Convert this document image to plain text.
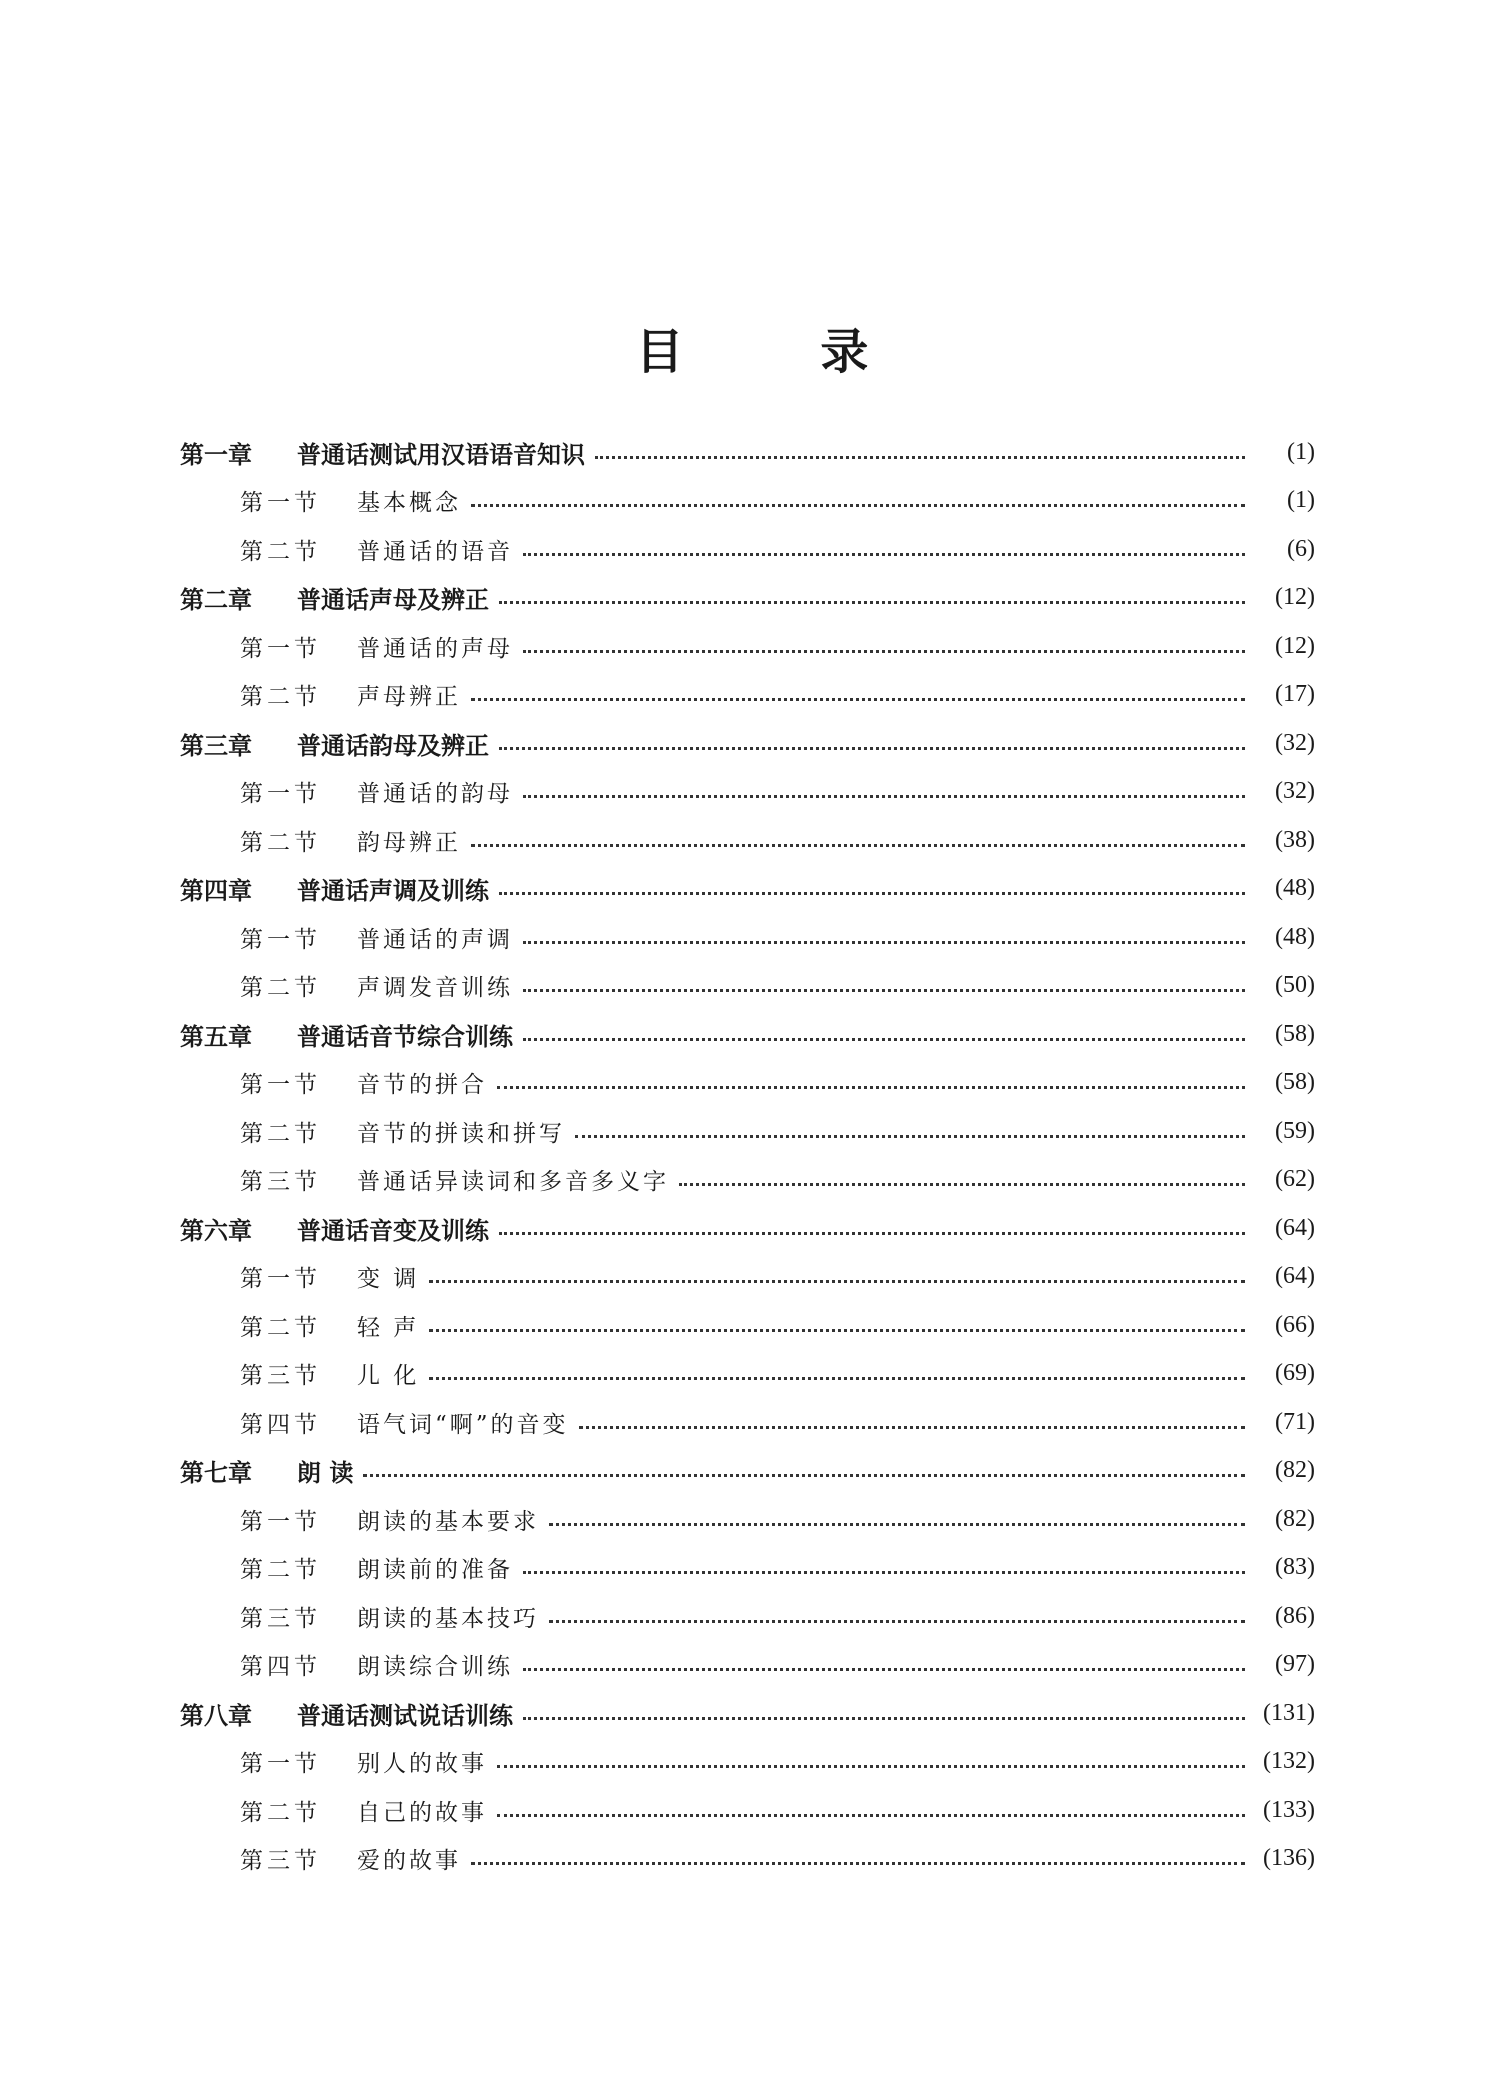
目 录
第一章	普通话测试用汉语语音知识	(1)
第一节	基本概念	(1)
第二节	普通话的语音	(6)
第二章	普通话声母及辨正	(12)
第一节	普通话的声母	(12)
第二节	声母辨正	(17)
第三章	普通话韵母及辨正	(32)
第一节	普通话的韵母	(32)
第二节	韵母辨正	(38)
第四章	普通话声调及训练	(48)
第一节	普通话的声调	(48)
第二节	声调发音训练	(50)
第五章	普通话音节综合训练	(58)
第一节	音节的拼合	(58)
第二节	音节的拼读和拼写	(59)
第三节	普通话异读词和多音多义字	(62)
第六章	普通话音变及训练	(64)
第一节	变 调	(64)
第二节	轻 声	(66)
第三节	儿 化	(69)
第四节	语气词“啊”的音变	(71)
第七章	朗 读	(82)
第一节	朗读的基本要求	(82)
第二节	朗读前的准备	(83)
第三节	朗读的基本技巧	(86)
第四节	朗读综合训练	(97)
第八章	普通话测试说话训练	(131)
第一节	别人的故事	(132)
第二节	自己的故事	(133)
第三节	爱的故事	(136)
